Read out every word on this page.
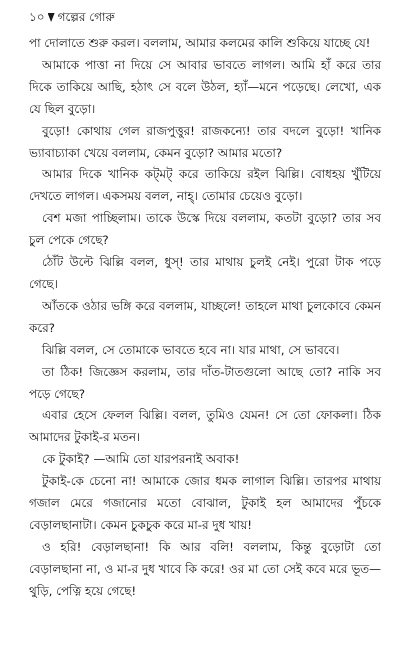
১০ গল্পের গোরু

পা দোলাতে শুরু করল। বললাম, আমার কলমের কালি শুকিয়ে যাচ্ছে যে!

আমাকে পাত্তা না দিয়ে সে আবার ভাবতে লাগল। আমি হাঁ করে তার দিকে তাকিয়ে আছি, হঠাৎ সে বলে উঠল, হ্যাঁ—মনে পড়েছে। লেখো, এক যে ছিল বুড়ো।

বুড়ো! কোথায় গেল রাজপুত্তুর! রাজকন্যে! তার বদলে বুড়ো! খানিক ভ্যাবাচ্যাকা খেয়ে বললাম, কেমন বুড়ো? আমার মতো?

আমার দিকে খানিক কট্‌মট্‌ করে তাকিয়ে রইল ঝিল্লি। বোধহয় খুঁটিয়ে দেখতে লাগল। একসময় বলল, নাহ্‌। তোমার চেয়েও বুড়ো।

বেশ মজা পাচ্ছিলাম। তাকে উস্কে দিয়ে বললাম, কতটা বুড়ো? তার সব চুল পেকে গেছে?

ঠোঁট উল্টে ঝিল্লি বলল, ধুস্‌! তার মাথায় চুলই নেই। পুরো টাক পড়ে গেছে।

আঁতকে ওঠার ভঙ্গি করে বললাম, যাচ্ছলে! তাহলে মাথা চুলকোবে কেমন করে?

ঝিল্লি বলল, সে তোমাকে ভাবতে হবে না। যার মাথা, সে ভাববে।

তা ঠিক! জিজ্ঞেস করলাম, তার দাঁত-টাতগুলো আছে তো? নাকি সব পড়ে গেছে?

এবার হেসে ফেলল ঝিল্লি। বলল, তুমিও যেমন! সে তো ফোকলা। ঠিক আমাদের টুকাই-র মতন।

কে টুকাই? —আমি তো যারপরনাই অবাক!

টুকাই-কে চেনো না! আমাকে জোর ধমক লাগাল ঝিল্লি। তারপর মাথায় গজাল মেরে গজানোর মতো বোঝাল, টুকাই হল আমাদের পুঁচকে বেড়ালছানাটা। কেমন চুকচুক করে মা-র দুধ খায়!

ও হরি! বেড়ালছানা! কি আর বলি! বললাম, কিন্তু বুড়োটা তো বেড়ালছানা না, ও মা-র দুধ খাবে কি করে! ওর মা তো সেই কবে মরে ভূত—থুড়ি, পেত্নি হয়ে গেছে!
